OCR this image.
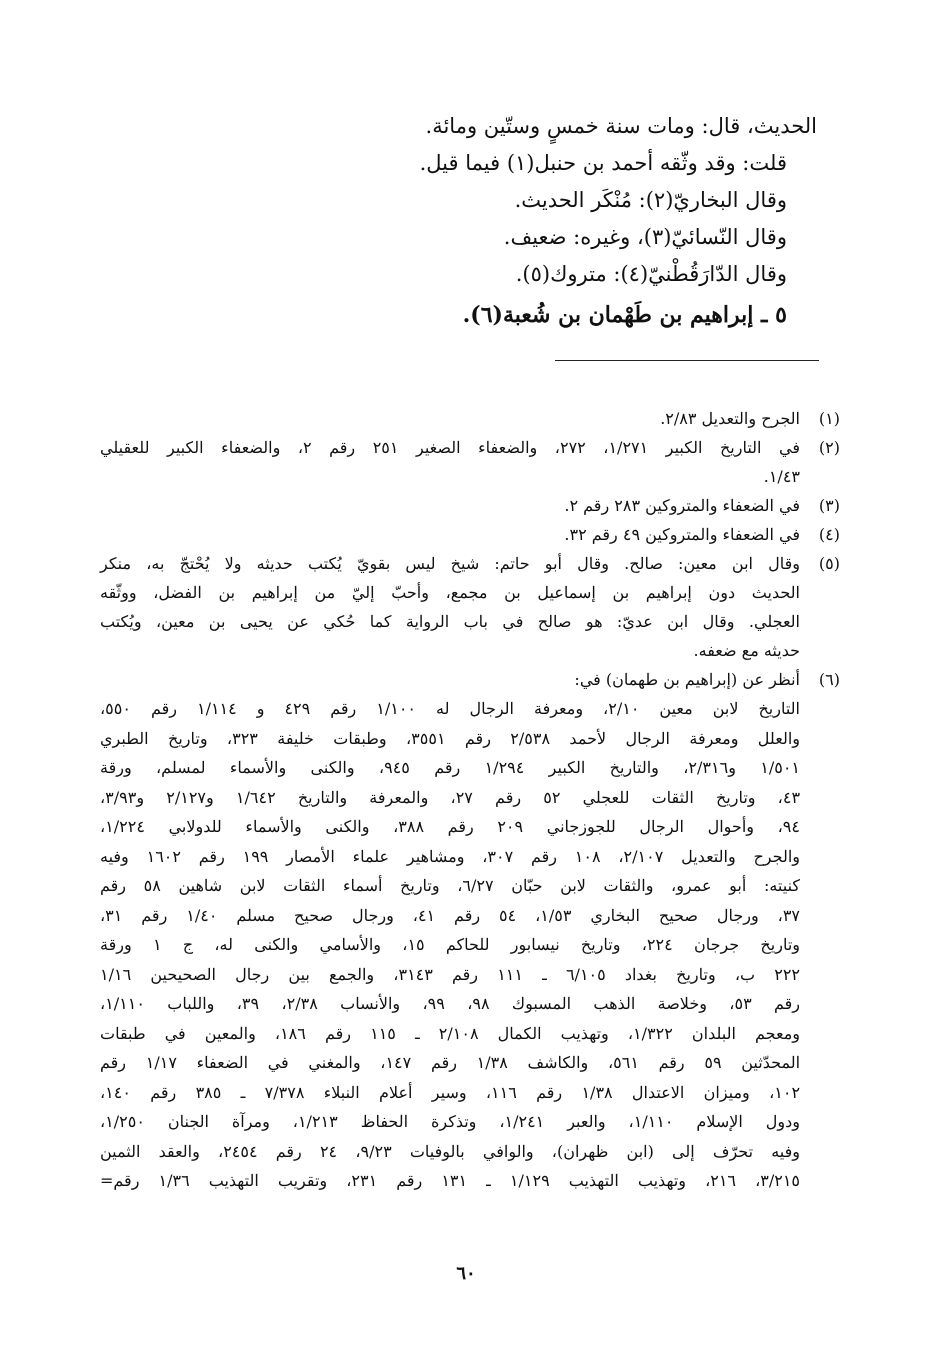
الحديث، قال: ومات سنة خمسٍ وستّين ومائة.
قلت: وقد وثّقه أحمد بن حنبل(١) فيما قيل.
وقال البخاريّ(٢): مُنْكَر الحديث.
وقال النّسائيّ(٣)، وغيره: ضعيف.
وقال الدّارَقُطْنيّ(٤): متروك(٥).
٥ ـ إبراهيم بن طَهْمان بن شُعبة(٦).
(١)
الجرح والتعديل ٢/٨٣.
(٢)
في التاريخ الكبير ١/٢٧١، ٢٧٢، والضعفاء الصغير ٢٥١ رقم ٢، والضعفاء الكبير للعقيلي
١/٤٣.
(٣)
في الضعفاء والمتروكين ٢٨٣ رقم ٢.
(٤)
في الضعفاء والمتروكين ٤٩ رقم ٣٢.
(٥)
وقال ابن معين: صالح. وقال أبو حاتم: شيخ ليس بقويّ يُكتب حديثه ولا يُحْتجّ به، منكر
الحديث دون إبراهيم بن إسماعيل بن مجمع، وأحبّ إليّ من إبراهيم بن الفضل، ووثّقه
العجلي. وقال ابن عديّ: هو صالح في باب الرواية كما حُكي عن يحيى بن معين، ويُكتب
حديثه مع ضعفه.
(٦)
أنظر عن (إبراهيم بن طهمان) في:
التاريخ لابن معين ٢/١٠، ومعرفة الرجال له ١/١٠٠ رقم ٤٢٩ و ١/١١٤ رقم ٥٥٠،
والعلل ومعرفة الرجال لأحمد ٢/٥٣٨ رقم ٣٥٥١، وطبقات خليفة ٣٢٣، وتاريخ الطبري
١/٥٠١ و٢/٣١٦، والتاريخ الكبير ١/٢٩٤ رقم ٩٤٥، والكنى والأسماء لمسلم، ورقة
٤٣، وتاريخ الثقات للعجلي ٥٢ رقم ٢٧، والمعرفة والتاريخ ١/٦٤٢ و٢/١٢٧ و٣/٩٣،
٩٤، وأحوال الرجال للجوزجاني ٢٠٩ رقم ٣٨٨، والكنى والأسماء للدولابي ١/٢٢٤،
والجرح والتعديل ٢/١٠٧، ١٠٨ رقم ٣٠٧، ومشاهير علماء الأمصار ١٩٩ رقم ١٦٠٢ وفيه
كنيته: أبو عمرو، والثقات لابن حبّان ٦/٢٧، وتاريخ أسماء الثقات لابن شاهين ٥٨ رقم
٣٧، ورجال صحيح البخاري ١/٥٣، ٥٤ رقم ٤١، ورجال صحيح مسلم ١/٤٠ رقم ٣١،
وتاريخ جرجان ٢٢٤، وتاريخ نيسابور للحاكم ١٥، والأسامي والكنى له، ج ١ ورقة
٢٢٢ ب، وتاريخ بغداد ٦/١٠٥ ـ ١١١ رقم ٣١٤٣، والجمع بين رجال الصحيحين ١/١٦
رقم ٥٣، وخلاصة الذهب المسبوك ٩٨، ٩٩، والأنساب ٢/٣٨، ٣٩، واللباب ١/١١٠،
ومعجم البلدان ١/٣٢٢، وتهذيب الكمال ٢/١٠٨ ـ ١١٥ رقم ١٨٦، والمعين في طبقات
المحدّثين ٥٩ رقم ٥٦١، والكاشف ١/٣٨ رقم ١٤٧، والمغني في الضعفاء ١/١٧ رقم
١٠٢، وميزان الاعتدال ١/٣٨ رقم ١١٦، وسير أعلام النبلاء ٧/٣٧٨ ـ ٣٨٥ رقم ١٤٠،
ودول الإسلام ١/١١٠، والعبر ١/٢٤١، وتذكرة الحفاظ ١/٢١٣، ومرآة الجنان ١/٢٥٠،
وفيه تحرّف إلى (ابن ظهران)، والوافي بالوفيات ٩/٢٣، ٢٤ رقم ٢٤٥٤، والعقد الثمين
٣/٢١٥، ٢١٦، وتهذيب التهذيب ١/١٢٩ ـ ١٣١ رقم ٢٣١، وتقريب التهذيب ١/٣٦ رقم=
٦٠
